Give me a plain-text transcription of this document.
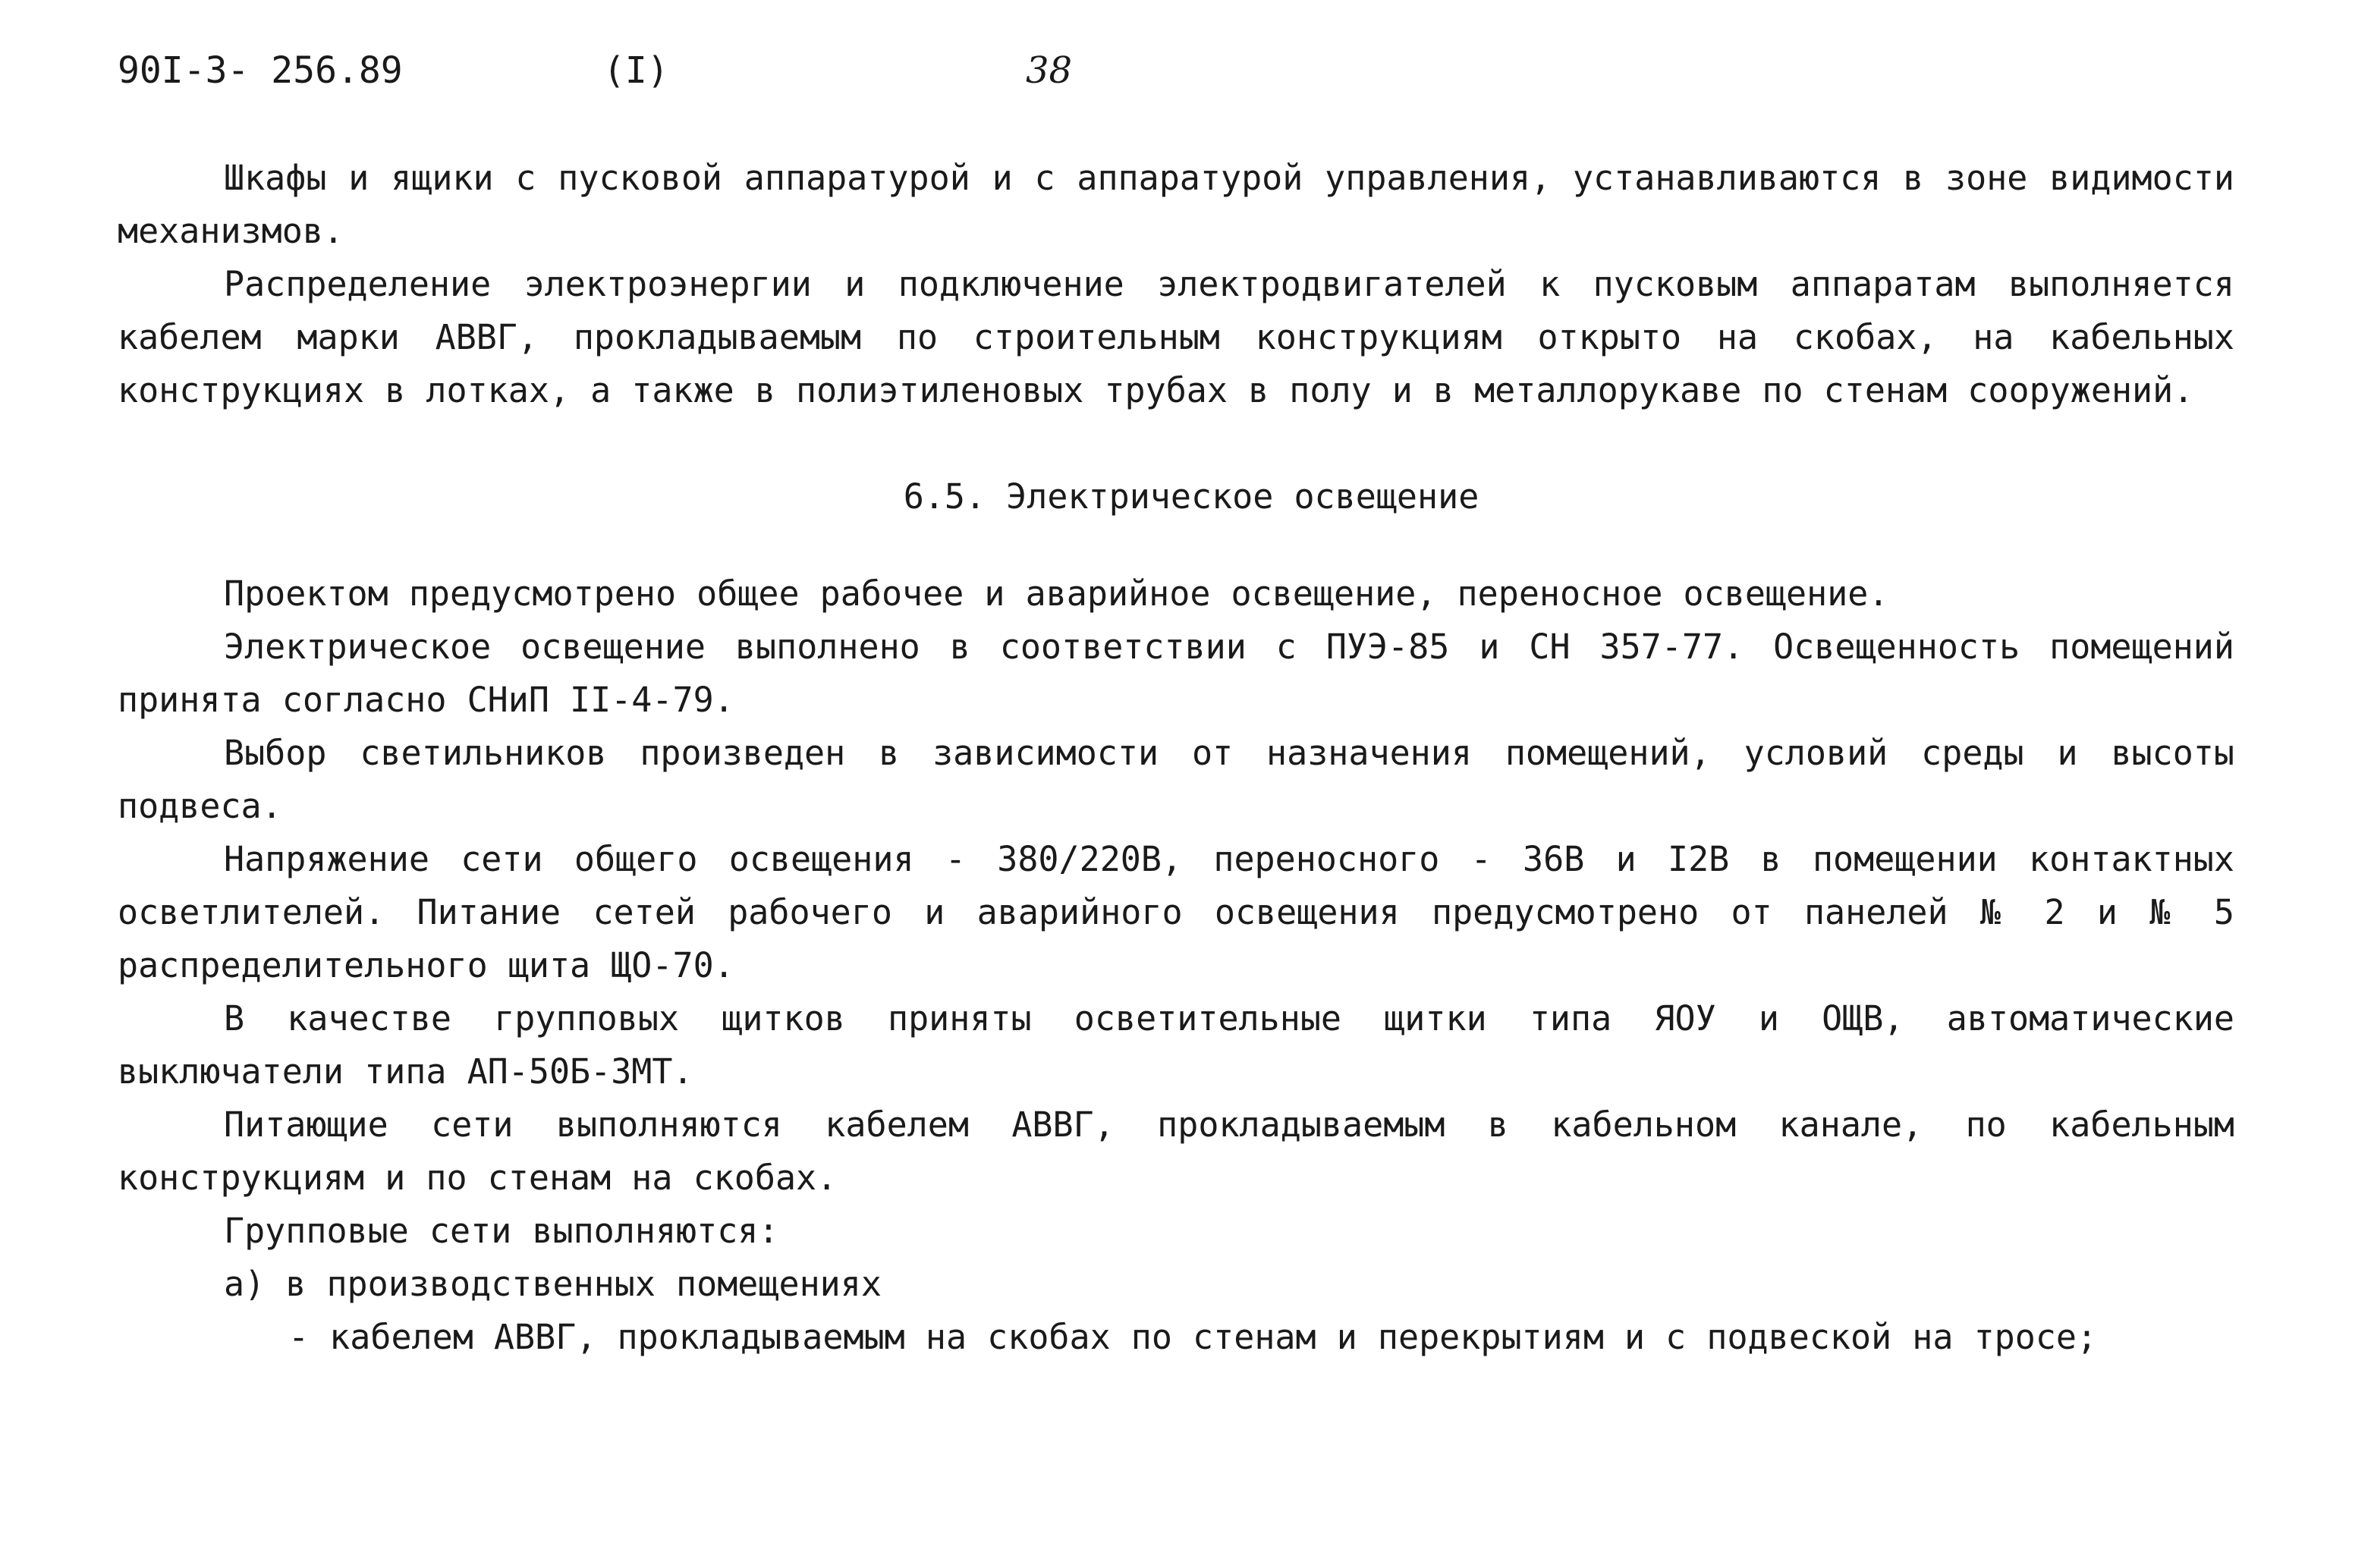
90I-3- 256.89	(I)	38

Шкафы и ящики с пусковой аппаратурой и с аппаратурой управления, устанавливаются в зоне видимости механизмов.

Распределение электроэнергии и подключение электродвигателей к пусковым аппаратам выполняется кабелем марки АВВГ, прокладываемым по строительным конструкциям открыто на скобах, на кабельных конструкциях в лотках, а также в полиэтиленовых трубах в полу и в металлорукаве по стенам сооружений.

6.5. Электрическое освещение

Проектом предусмотрено общее рабочее и аварийное освещение, переносное освещение.

Электрическое освещение выполнено в соответствии с ПУЭ-85 и СН 357-77. Освещенность помещений принята согласно СНиП II-4-79.

Выбор светильников произведен в зависимости от назначения помещений, условий среды и высоты подвеса.

Напряжение сети общего освещения - 380/220В, переносного - 36В и I2В в помещении контактных осветлителей. Питание сетей рабочего и аварийного освещения предусмотрено от панелей № 2 и № 5 распределительного щита ЩО-70.

В качестве групповых щитков приняты осветительные щитки типа ЯОУ и ОЩВ, автоматические выключатели типа АП-50Б-3МТ.

Питающие сети выполняются кабелем АВВГ, прокладываемым в кабельном канале, по кабельным конструкциям и по стенам на скобах.

Групповые сети выполняются:

а) в производственных помещениях

- кабелем АВВГ, прокладываемым на скобах по стенам и перекрытиям и с подвеской на тросе;
